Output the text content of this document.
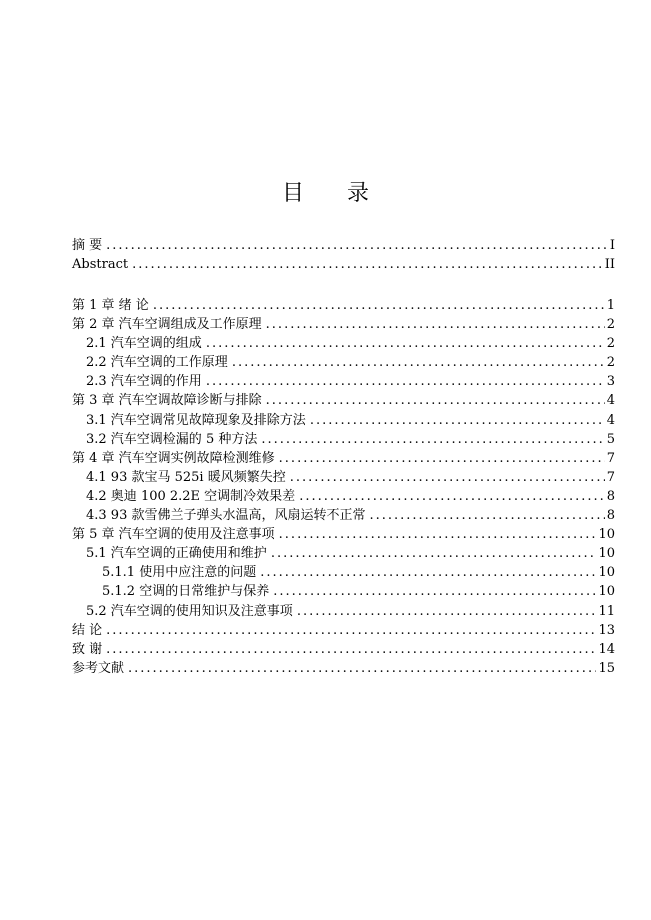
目 录
摘 要 .....	I
Abstract .....	II
第 1 章 绪 论 .....	1
第 2 章 汽车空调组成及工作原理 .....	2
2.1 汽车空调的组成 .....	2
2.2 汽车空调的工作原理 .....	2
2.3 汽车空调的作用 .....	3
第 3 章 汽车空调故障诊断与排除 .....	4
3.1 汽车空调常见故障现象及排除方法 .....	4
3.2 汽车空调检漏的 5 种方法 .....	5
第 4 章 汽车空调实例故障检测维修 .....	7
4.1 93 款宝马 525i 暖风频繁失控 .....	7
4.2 奥迪 100 2.2E 空调制冷效果差 .....	8
4.3 93 款雪佛兰子弹头水温高，风扇运转不正常 .....	8
第 5 章 汽车空调的使用及注意事项 .....	10
5.1 汽车空调的正确使用和维护 .....	10
5.1.1 使用中应注意的问题 .....	10
5.1.2 空调的日常维护与保养 .....	10
5.2 汽车空调的使用知识及注意事项 .....	11
结 论 .....	13
致 谢 .....	14
参考文献 .....	15
